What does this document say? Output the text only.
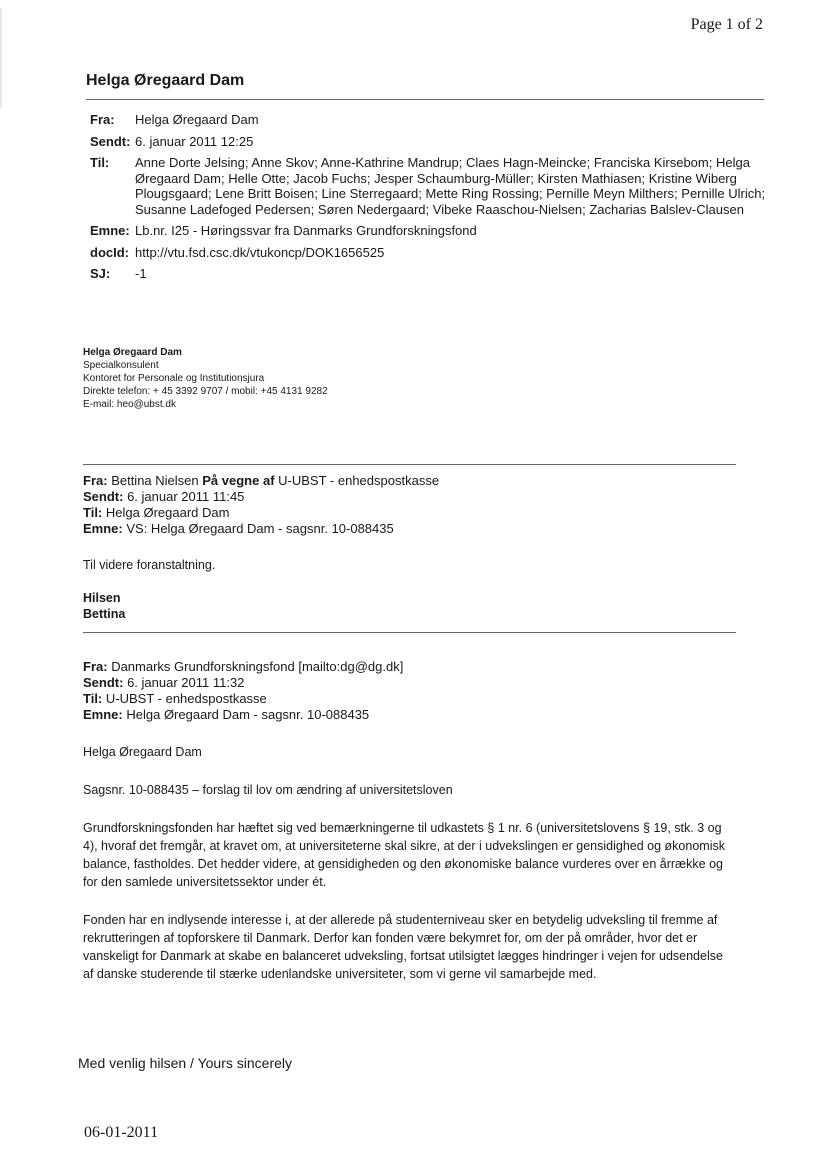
Page 1 of 2
Helga Øregaard Dam
Fra:	Helga Øregaard Dam
Sendt: 6. januar 2011 12:25
Til:	Anne Dorte Jelsing; Anne Skov; Anne-Kathrine Mandrup; Claes Hagn-Meincke; Franciska Kirsebom; Helga Øregaard Dam; Helle Otte; Jacob Fuchs; Jesper Schaumburg-Müller; Kirsten Mathiasen; Kristine Wiberg Plougsgaard; Lene Britt Boisen; Line Sterregaard; Mette Ring Rossing; Pernille Meyn Milthers; Pernille Ulrich; Susanne Ladefoged Pedersen; Søren Nedergaard; Vibeke Raaschou-Nielsen; Zacharias Balslev-Clausen
Emne: Lb.nr. I25 - Høringssvar fra Danmarks Grundforskningsfond
docId: http://vtu.fsd.csc.dk/vtukoncp/DOK1656525
SJ:	-1
Helga Øregaard Dam
Specialkonsulent
Kontoret for Personale og Institutionsjura
Direkte telefon: + 45 3392 9707 / mobil: +45 4131 9282
E-mail: heo@ubst.dk
Fra: Bettina Nielsen På vegne af U-UBST - enhedspostkasse
Sendt: 6. januar 2011 11:45
Til: Helga Øregaard Dam
Emne: VS: Helga Øregaard Dam - sagsnr. 10-088435
Til videre foranstaltning.
Hilsen
Bettina
Fra: Danmarks Grundforskningsfond [mailto:dg@dg.dk]
Sendt: 6. januar 2011 11:32
Til: U-UBST - enhedspostkasse
Emne: Helga Øregaard Dam - sagsnr. 10-088435
Helga Øregaard Dam
Sagsnr. 10-088435 – forslag til lov om ændring af universitetsloven
Grundforskningsfonden har hæftet sig ved bemærkningerne til udkastets § 1 nr. 6 (universitetslovens § 19, stk. 3 og 4), hvoraf det fremgår, at kravet om, at universiteterne skal sikre, at der i udvekslingen er gensidighed og økonomisk balance, fastholdes. Det hedder videre, at gensidigheden og den økonomiske balance vurderes over en årrække og for den samlede universitetssektor under ét.
Fonden har en indlysende interesse i, at der allerede på studenterniveau sker en betydelig udveksling til fremme af rekrutteringen af topforskere til Danmark. Derfor kan fonden være bekymret for, om der på områder, hvor det er vanskeligt for Danmark at skabe en balanceret udveksling, fortsat utilsigtet lægges hindringer i vejen for udsendelse af danske studerende til stærke udenlandske universiteter, som vi gerne vil samarbejde med.
Med venlig hilsen / Yours sincerely
06-01-2011
